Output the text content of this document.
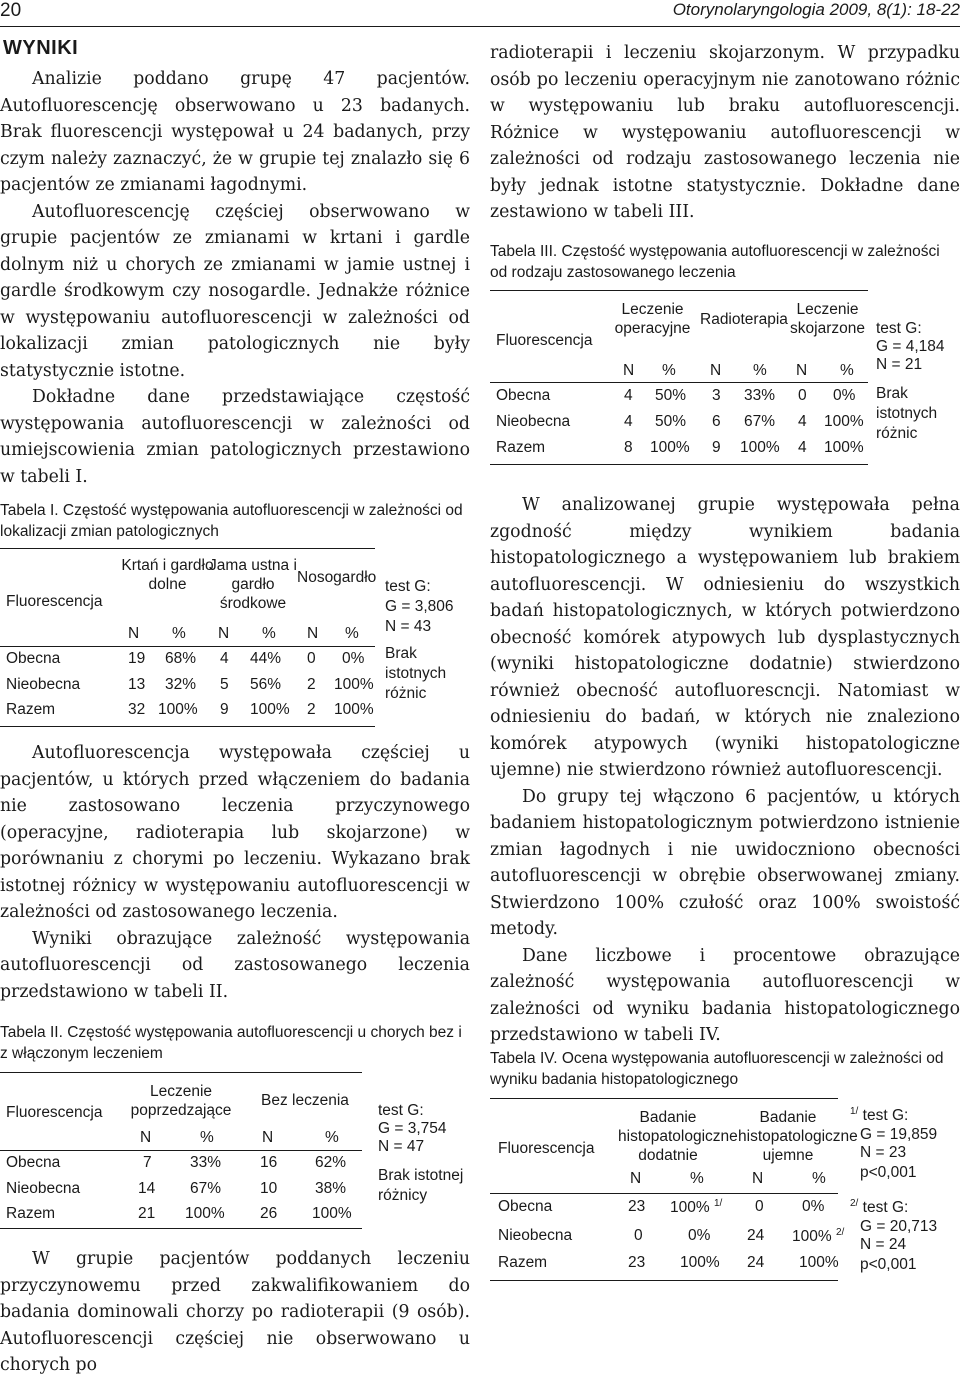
20	Otorynolaryngologia 2009, 8(1): 18-22
WYNIKI

Analizie poddano grupę 47 pacjentów. Autofluorescencję obserwowano u 23 badanych. Brak fluorescencji występował u 24 badanych, przy czym należy zaznaczyć, że w grupie tej znalazło się 6 pacjentów ze zmianami łagodnymi.

Autofluorescencję częściej obserwowano w grupie pacjentów ze zmianami w krtani i gardle dolnym niż u chorych ze zmianami w jamie ustnej i gardle środkowym czy nosogardle. Jednakże różnice w występowaniu autofluorescencji w zależności od lokalizacji zmian patologicznych nie były statystycznie istotne.

Dokładne dane przedstawiające częstość występowania autofluorescencji w zależności od umiejscowienia zmian patologicznych przestawiono w tabeli I.

Tabela I. Częstość występowania autofluorescencji w zależności od lokalizacji zmian patologicznych
Fluorescencja
Krtań i gardło dolne
Jama ustna i gardło środkowe
Nosogardło
N % N % N %
Obecna	19 68% 4 44% 0 0%
Nieobecna	13 32% 5 56% 2 100%
Razem	32 100% 9 100% 2 100%
test G:
G = 3,806
N = 43
Brak istotnych różnic

Autofluorescencja występowała częściej u pacjentów, u których przed włączeniem do badania nie zastosowano leczenia przyczynowego (operacyjne, radioterapia lub skojarzone) w porównaniu z chorymi po leczeniu. Wykazano brak istotnej różnicy w występowaniu autofluorescencji w zależności od zastosowanego leczenia.

Wyniki obrazujące zależność występowania autofluorescencji od zastosowanego leczenia przedstawiono w tabeli II.

Tabela II. Częstość występowania autofluorescencji u chorych bez i z włączonym leczeniem
Fluorescencja
Leczenie poprzedzające
Bez leczenia
N	%	N	%
Obecna	7 33%	16 62%
Nieobecna	14 67%	10 38%
Razem	21 100% 26 100%
test G:
G = 3,754
N = 47
Brak istotnej różnicy

W grupie pacjentów poddanych leczeniu przyczynowemu przed zakwalifikowaniem do badania dominowali chorzy po radioterapii (9 osób). Autofluorescencji częściej nie obserwowano u chorych po

radioterapii i leczeniu skojarzonym. W przypadku osób po leczeniu operacyjnym nie zanotowano różnic w występowaniu lub braku autofluorescencji. Różnice w występowaniu autofluorescencji w zależności od rodzaju zastosowanego leczenia nie były jednak istotne statystycznie. Dokładne dane zestawiono w tabeli III.

Tabela III. Częstość występowania autofluorescencji w zależności od rodzaju zastosowanego leczenia
Fluorescencja
Leczenie operacyjne
Radioterapia
Leczenie skojarzone
N % N % N %
Obecna	4 50% 3 33% 0 0%
Nieobecna	4 50% 6 67% 4 100%
Razem	8 100% 9 100% 4 100%
test G:
G = 4,184
N = 21
Brak istotnych różnic

W analizowanej grupie występowała pełna zgodność między wynikiem badania histopatologicznego a występowaniem lub brakiem autofluorescencji. W odniesieniu do wszystkich badań histopatologicznych, w których potwierdzono obecność komórek atypowych lub dysplastycznych (wyniki histopatologiczne dodatnie) stwierdzono również obecność autofluorescncji. Natomiast w odniesieniu do badań, w których nie znaleziono komórek atypowych (wyniki histopatologiczne ujemne) nie stwierdzono również autofluorescencji.

Do grupy tej włączono 6 pacjentów, u których badaniem histopatologicznym potwierdzono istnienie zmian łagodnych i nie uwidoczniono obecności autofluorescencji w obrębie obserwowanej zmiany. Stwierdzono 100% czułość oraz 100% swoistość metody.

Dane liczbowe i procentowe obrazujące zależność występowania autofluorescencji w zależności od wyniku badania histopatologicznego przedstawiono w tabeli IV.

Tabela IV. Ocena występowania autofluorescencji w zależności od wyniku badania histopatologicznego
Fluorescencja
Badanie histopatologiczne dodatnie
Badanie histopatologiczne ujemne
N	%	N	%
Obecna	23 100% $^{1/}$ 0 0%
Nieobecna	0	0% 24 100% $^{2/}$
Razem	23 100% 24 100%
$^{1/}$ test G:
G = 19,859
N = 23
p<0,001
$^{2/}$ test G:
G = 20,713
N = 24
p<0,001
